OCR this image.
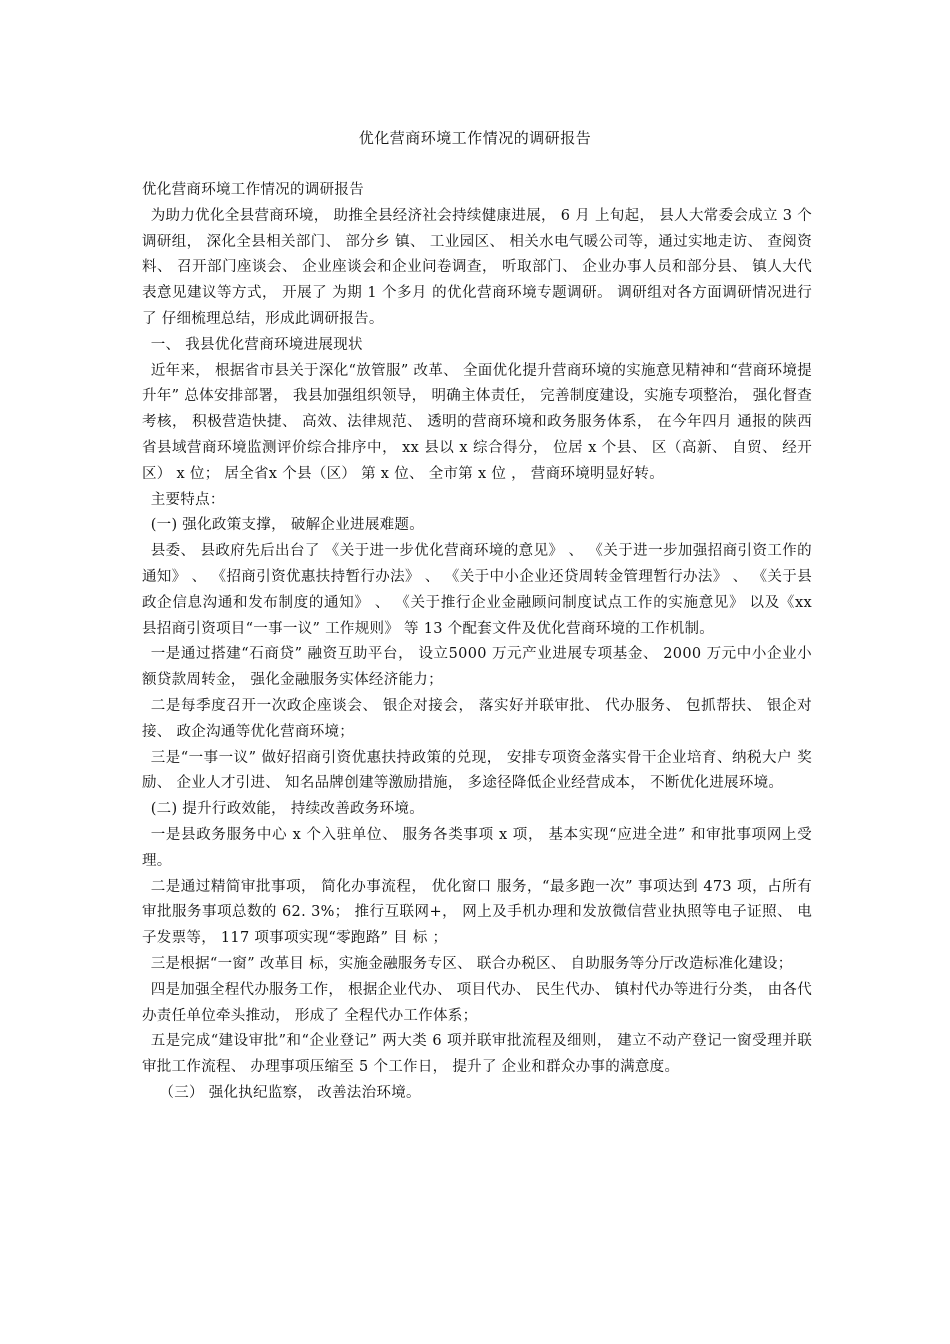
优化营商环境工作情况的调研报告

优化营商环境工作情况的调研报告

为助力优化全县营商环境， 助推全县经济社会持续健康进展， 6 月 上旬起， 县人大常委会成立 3 个调研组， 深化全县相关部门、 部分乡 镇、 工业园区、 相关水电气暖公司等，通过实地走访、 查阅资料、 召开部门座谈会、 企业座谈会和企业问卷调查， 听取部门、 企业办事人员和部分县、 镇人大代表意见建议等方式， 开展了 为期 1 个多月 的优化营商环境专题调研。 调研组对各方面调研情况进行了 仔细梳理总结，形成此调研报告。

一、 我县优化营商环境进展现状

近年来， 根据省市县关于深化“放管服” 改革、 全面优化提升营商环境的实施意见精神和“营商环境提升年” 总体安排部署， 我县加强组织领导， 明确主体责任， 完善制度建设，实施专项整治， 强化督查考核， 积极营造快捷、 高效、法律规范、 透明的营商环境和政务服务体系， 在今年四月 通报的陕西省县域营商环境监测评价综合排序中， xx 县以 x 综合得分， 位居 x 个县、 区（高新、 自贸、 经开区） x 位； 居全省x 个县（区） 第 x 位、 全市第 x 位 ， 营商环境明显好转。

主要特点：

(一) 强化政策支撑， 破解企业进展难题。

县委、 县政府先后出台了 《关于进一步优化营商环境的意见》 、 《关于进一步加强招商引资工作的通知》 、 《招商引资优惠扶持暂行办法》 、 《关于中小企业还贷周转金管理暂行办法》 、 《关于县政企信息沟通和发布制度的通知》 、 《关于推行企业金融顾问制度试点工作的实施意见》 以及《xx 县招商引资项目“一事一议” 工作规则》 等 13 个配套文件及优化营商环境的工作机制。

一是通过搭建“石商贷” 融资互助平台， 设立5000 万元产业进展专项基金、 2000 万元中小企业小额贷款周转金， 强化金融服务实体经济能力；

二是每季度召开一次政企座谈会、 银企对接会， 落实好并联审批、 代办服务、 包抓帮扶、 银企对接、 政企沟通等优化营商环境；

三是“一事一议” 做好招商引资优惠扶持政策的兑现， 安排专项资金落实骨干企业培育、纳税大户 奖励、 企业人才引进、 知名品牌创建等激励措施， 多途径降低企业经营成本， 不断优化进展环境。

(二) 提升行政效能， 持续改善政务环境。

一是县政务服务中心 x 个入驻单位、 服务各类事项 x 项， 基本实现“应进全进” 和审批事项网上受理。

二是通过精简审批事项， 简化办事流程， 优化窗口 服务，“最多跑一次” 事项达到 473 项，占所有审批服务事项总数的 62. 3%； 推行互联网+， 网上及手机办理和发放微信营业执照等电子证照、 电子发票等， 117 项事项实现“零跑路” 目 标 ；

三是根据“一窗” 改革目 标，实施金融服务专区、 联合办税区、 自助服务等分厅改造标准化建设；

四是加强全程代办服务工作， 根据企业代办、 项目代办、 民生代办、 镇村代办等进行分类， 由各代办责任单位牵头推动， 形成了 全程代办工作体系；

五是完成“建设审批”和“企业登记” 两大类 6 项并联审批流程及细则， 建立不动产登记一窗受理并联审批工作流程、 办理事项压缩至 5 个工作日， 提升了 企业和群众办事的满意度。

（三） 强化执纪监察， 改善法治环境。
